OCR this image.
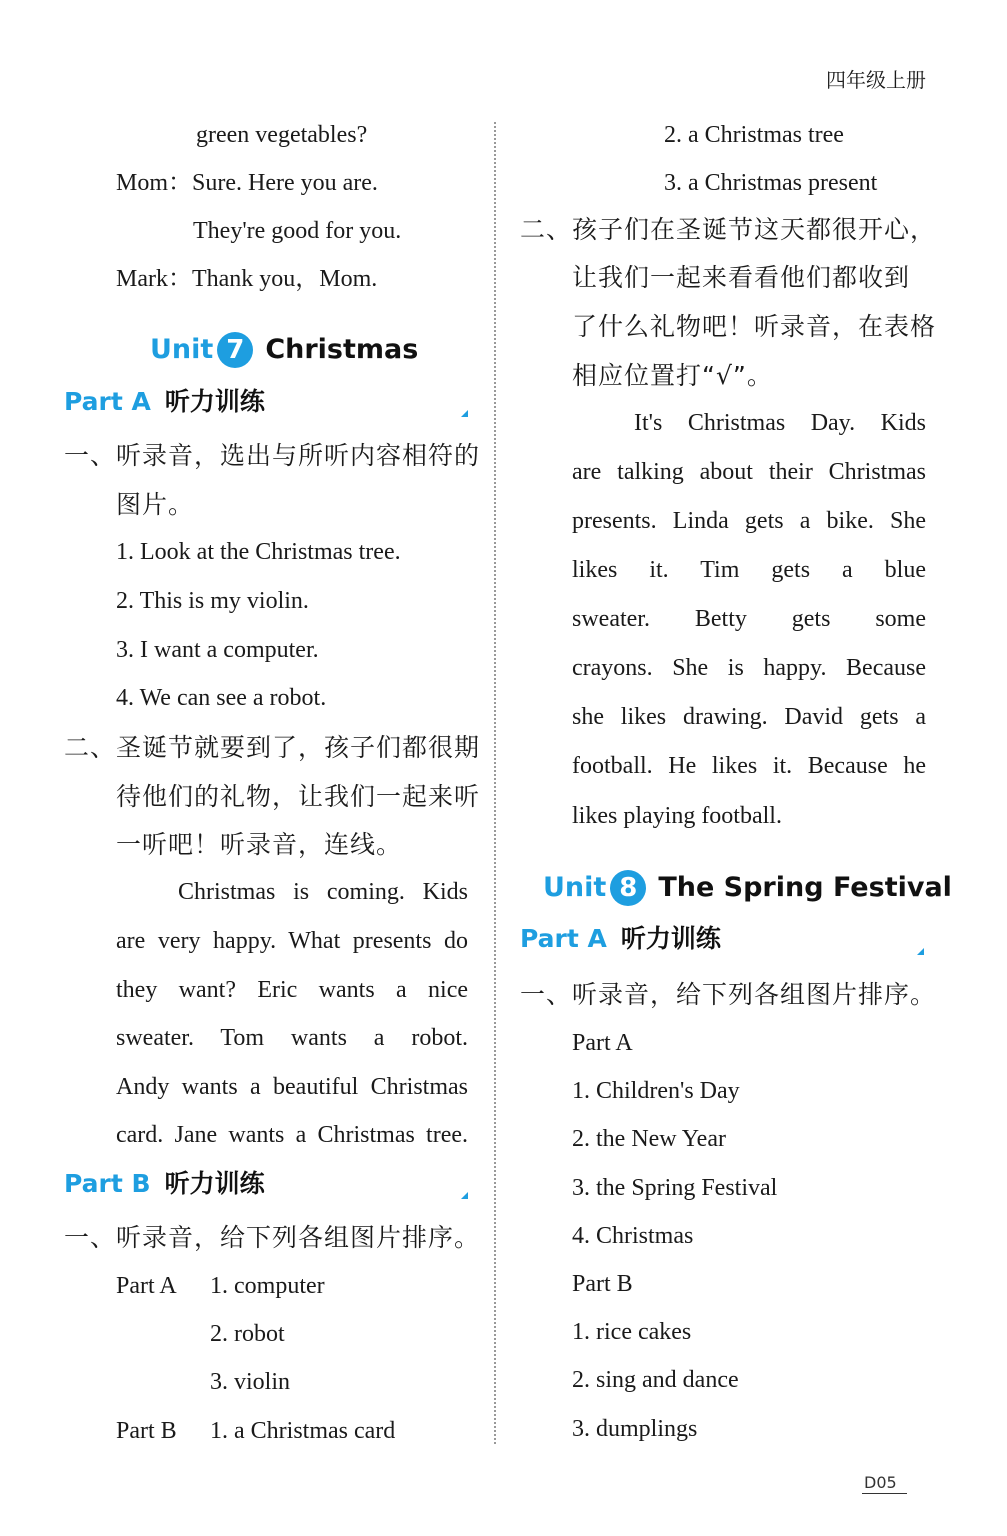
四年级上册
green vegetables?
Mom：Sure. Here you are.
They're good for you.
Mark：Thank you，Mom.
Unit 7 Christmas
Part A 听力训练
一、听录音，选出与所听内容相符的
图片。
1. Look at the Christmas tree.
2. This is my violin.
3. I want a computer.
4. We can see a robot.
二、圣诞节就要到了，孩子们都很期
待他们的礼物，让我们一起来听
一听吧！听录音，连线。
Christmas is coming. Kids
are very happy. What presents do
they want? Eric wants a nice
sweater. Tom wants a robot.
Andy wants a beautiful Christmas
card. Jane wants a Christmas tree.
Part B 听力训练
一、听录音，给下列各组图片排序。
Part A 1. computer
2. robot
3. violin
Part B 1. a Christmas card
2. a Christmas tree
3. a Christmas present
二、孩子们在圣诞节这天都很开心，
让我们一起来看看他们都收到
了什么礼物吧！听录音，在表格
相应位置打“√”。
It's Christmas Day. Kids
are talking about their Christmas
presents. Linda gets a bike. She
likes it. Tim gets a blue
sweater. Betty gets some
crayons. She is happy. Because
she likes drawing. David gets a
football. He likes it. Because he
likes playing football.
Unit 8 The Spring Festival
Part A 听力训练
一、听录音，给下列各组图片排序。
Part A
1. Children's Day
2. the New Year
3. the Spring Festival
4. Christmas
Part B
1. rice cakes
2. sing and dance
3. dumplings
D05
